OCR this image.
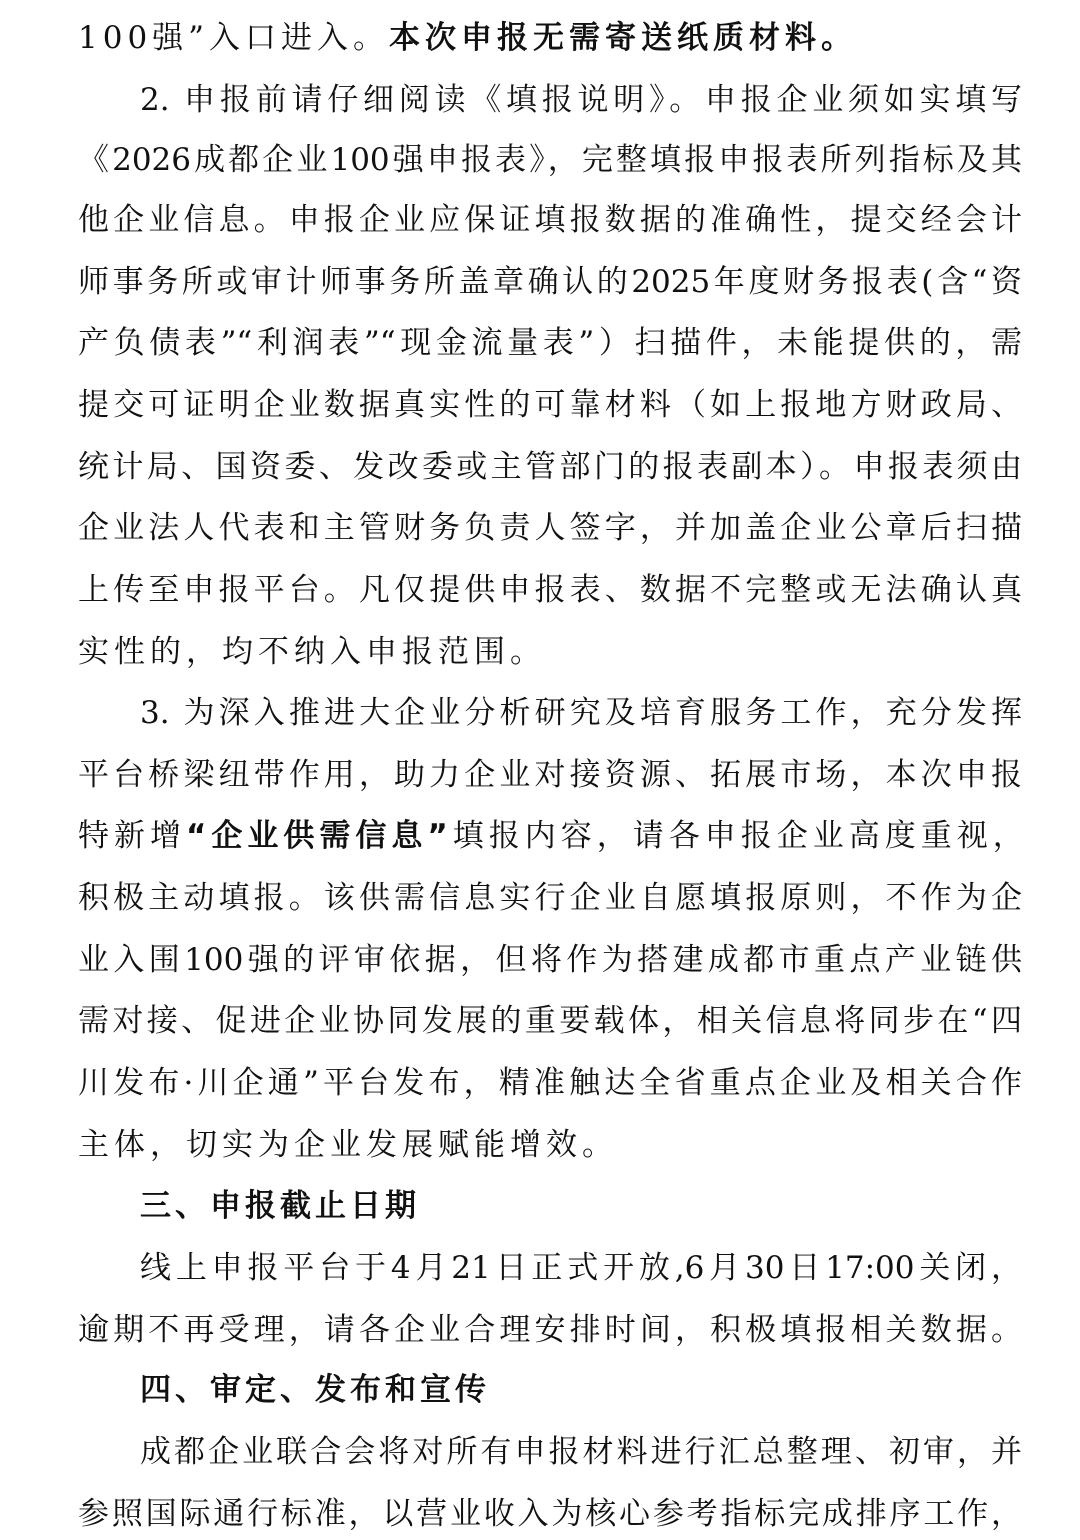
100强”入口进入。本次申报无需寄送纸质材料。
2. 申报前请仔细阅读《填报说明》。申报企业须如实填写
《2026成都企业100强申报表》，完整填报申报表所列指标及其
他企业信息。申报企业应保证填报数据的准确性，提交经会计
师事务所或审计师事务所盖章确认的2025年度财务报表(含“资
产负债表”“利润表”“现金流量表”）扫描件，未能提供的，需
提交可证明企业数据真实性的可靠材料（如上报地方财政局、
统计局、国资委、发改委或主管部门的报表副本）。申报表须由
企业法人代表和主管财务负责人签字，并加盖企业公章后扫描
上传至申报平台。凡仅提供申报表、数据不完整或无法确认真
实性的，均不纳入申报范围。
3. 为深入推进大企业分析研究及培育服务工作，充分发挥
平台桥梁纽带作用，助力企业对接资源、拓展市场，本次申报
特新增“企业供需信息”填报内容，请各申报企业高度重视，
积极主动填报。该供需信息实行企业自愿填报原则，不作为企
业入围100强的评审依据，但将作为搭建成都市重点产业链供
需对接、促进企业协同发展的重要载体，相关信息将同步在“四
川发布·川企通”平台发布，精准触达全省重点企业及相关合作
主体，切实为企业发展赋能增效。
三、申报截止日期
线上申报平台于4月21日正式开放,6月30日17:00关闭，
逾期不再受理，请各企业合理安排时间，积极填报相关数据。
四、审定、发布和宣传
成都企业联合会将对所有申报材料进行汇总整理、初审，并
参照国际通行标准，以营业收入为核心参考指标完成排序工作，
